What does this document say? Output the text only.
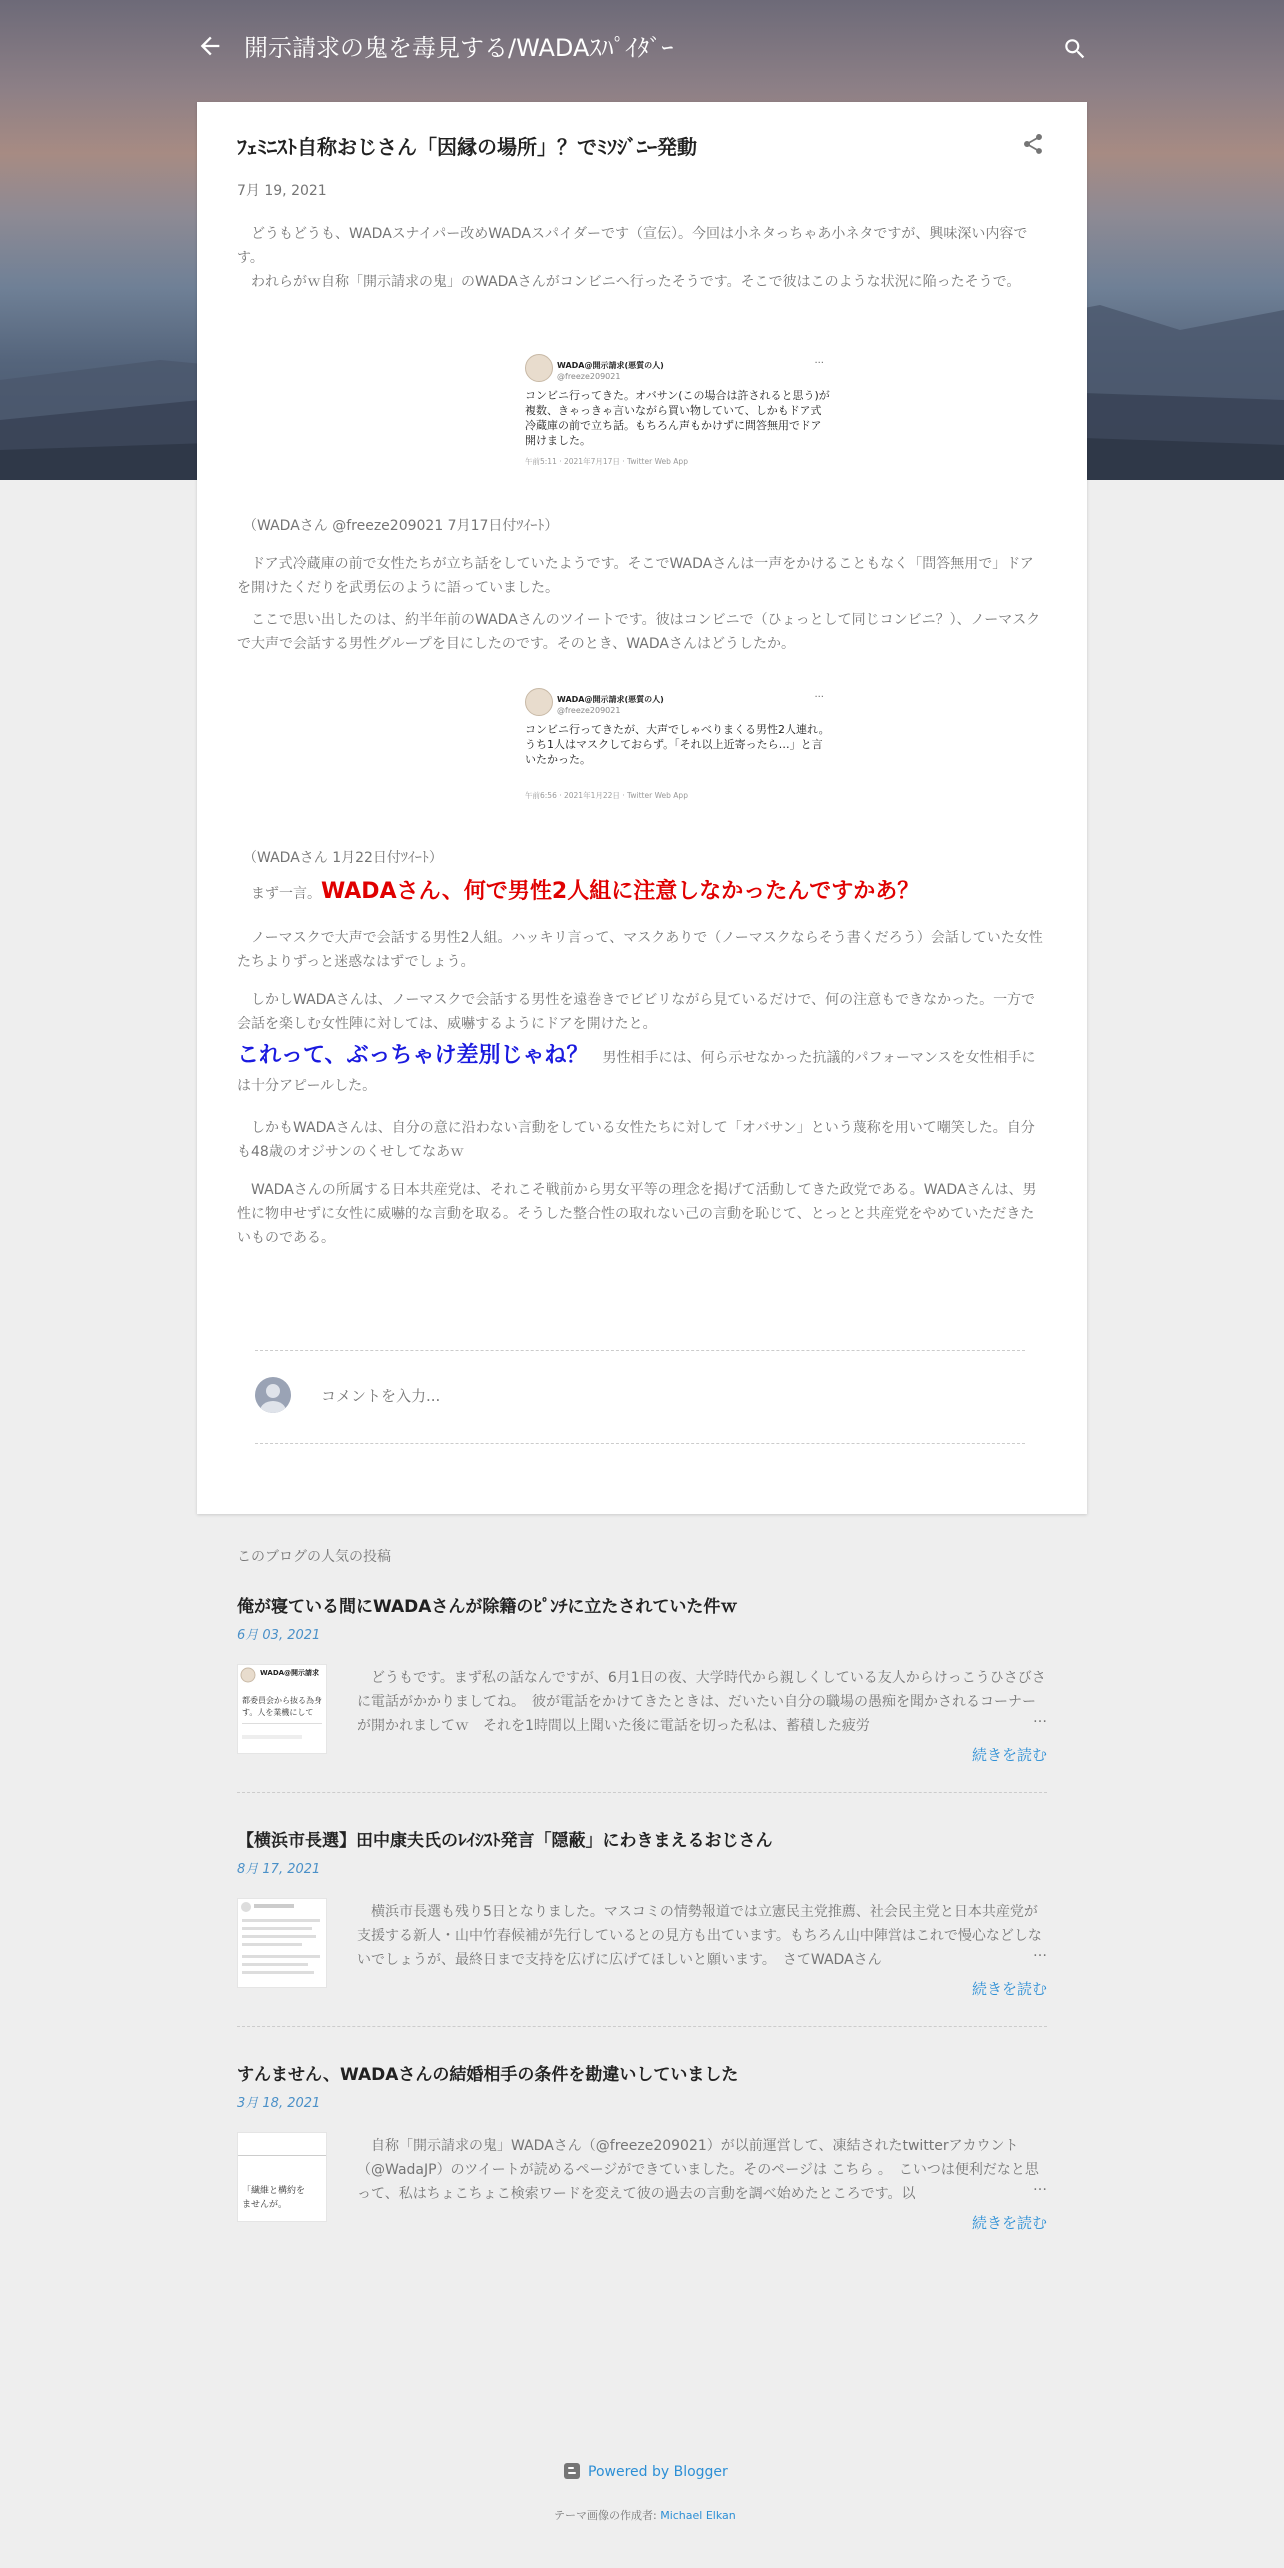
開示請求の鬼を毒見する/WADAｽﾊﾟｲﾀﾞｰ
ﾌｪﾐﾆｽﾄ自称おじさん「因縁の場所」？でﾐｿｼﾞﾆｰ発動
7月 19, 2021

　どうもどうも、WADAスナイパー改めWADAスパイダーです（宣伝）。今回は小ネタっちゃあ小ネタですが、興味深い内容です。

　われらがｗ自称「開示請求の鬼」のWADAさんがコンビニへ行ったそうです。そこで彼はこのような状況に陥ったそうで。

WADA@開示請求(悪質の人)
@freeze209021
···
コンビニ行ってきた。オバサン(この場合は許されると思う)が複数、きゃっきゃ言いながら買い物していて、しかもドア式冷蔵庫の前で立ち話。もちろん声もかけずに問答無用でドア開けました。
午前5:11 · 2021年7月17日 · Twitter Web App
（WADAさん @freeze209021 7月17日付ﾂｲｰﾄ）

　ドア式冷蔵庫の前で女性たちが立ち話をしていたようです。そこでWADAさんは一声をかけることもなく「問答無用で」ドアを開けたくだりを武勇伝のように語っていました。

　ここで思い出したのは、約半年前のWADAさんのツイートです。彼はコンビニで（ひょっとして同じコンビニ？）、ノーマスクで大声で会話する男性グループを目にしたのです。そのとき、WADAさんはどうしたか。

WADA@開示請求(悪質の人)
@freeze209021
···
コンビニ行ってきたが、大声でしゃべりまくる男性2人連れ。うち1人はマスクしておらず。「それ以上近寄ったら…」と言いたかった。
午前6:56 · 2021年1月22日 · Twitter Web App
（WADAさん 1月22日付ﾂｲｰﾄ）

　まず一言。WADAさん、何で男性2人組に注意しなかったんですかあ？

　ノーマスクで大声で会話する男性2人組。ハッキリ言って、マスクありで（ノーマスクならそう書くだろう）会話していた女性たちよりずっと迷惑なはずでしょう。

　しかしWADAさんは、ノーマスクで会話する男性を遠巻きでビビリながら見ているだけで、何の注意もできなかった。一方で会話を楽しむ女性陣に対しては、威嚇するようにドアを開けたと。

これって、ぶっちゃけ差別じゃね？　男性相手には、何ら示せなかった抗議的パフォーマンスを女性相手には十分アピールした。

　しかもWADAさんは、自分の意に沿わない言動をしている女性たちに対して「オバサン」という蔑称を用いて嘲笑した。自分も48歳のオジサンのくせしてなあｗ

　WADAさんの所属する日本共産党は、それこそ戦前から男女平等の理念を掲げて活動してきた政党である。WADAさんは、男性に物申せずに女性に威嚇的な言動を取る。そうした整合性の取れない己の言動を恥じて、とっとと共産党をやめていただきたいものである。

コメントを入力...
このブログの人気の投稿
俺が寝ている間にWADAさんが除籍のﾋﾟﾝﾁに立たされていた件ｗ
6月 03, 2021
WADA@開示請求
都委員会から抜る為身
す。人を業機にして
　どうもです。まず私の話なんですが、6月1日の夜、大学時代から親しくしている友人からけっこうひさびさに電話がかかりましてね。　彼が電話をかけてきたときは、だいたい自分の職場の愚痴を聞かされるコーナーが開かれましてｗ　それを1時間以上聞いた後に電話を切った私は、蓄積した疲労	…
続きを読む
【横浜市長選】田中康夫氏のﾚｲｼｽﾄ発言「隠蔽」にわきまえるおじさん
8月 17, 2021
　横浜市長選も残り5日となりました。マスコミの情勢報道では立憲民主党推薦、社会民主党と日本共産党が支援する新人・山中竹春候補が先行しているとの見方も出ています。もちろん山中陣営はこれで慢心などしないでしょうが、最終日まで支持を広げに広げてほしいと願います。　さてWADAさん	…
続きを読む
すんません、WADAさんの結婚相手の条件を勘違いしていました
3月 18, 2021
「繊維と構約を
ませんが。
　自称「開示請求の鬼」WADAさん（@freeze209021）が以前運営して、凍結されたtwitterアカウント（@WadaJP）のツイートが読めるページができていました。そのページは こちら 。　こいつは便利だなと思って、私はちょこちょこ検索ワードを変えて彼の過去の言動を調べ始めたところです。以	…
続きを読む
Powered by Blogger
テーマ画像の作成者: Michael Elkan
